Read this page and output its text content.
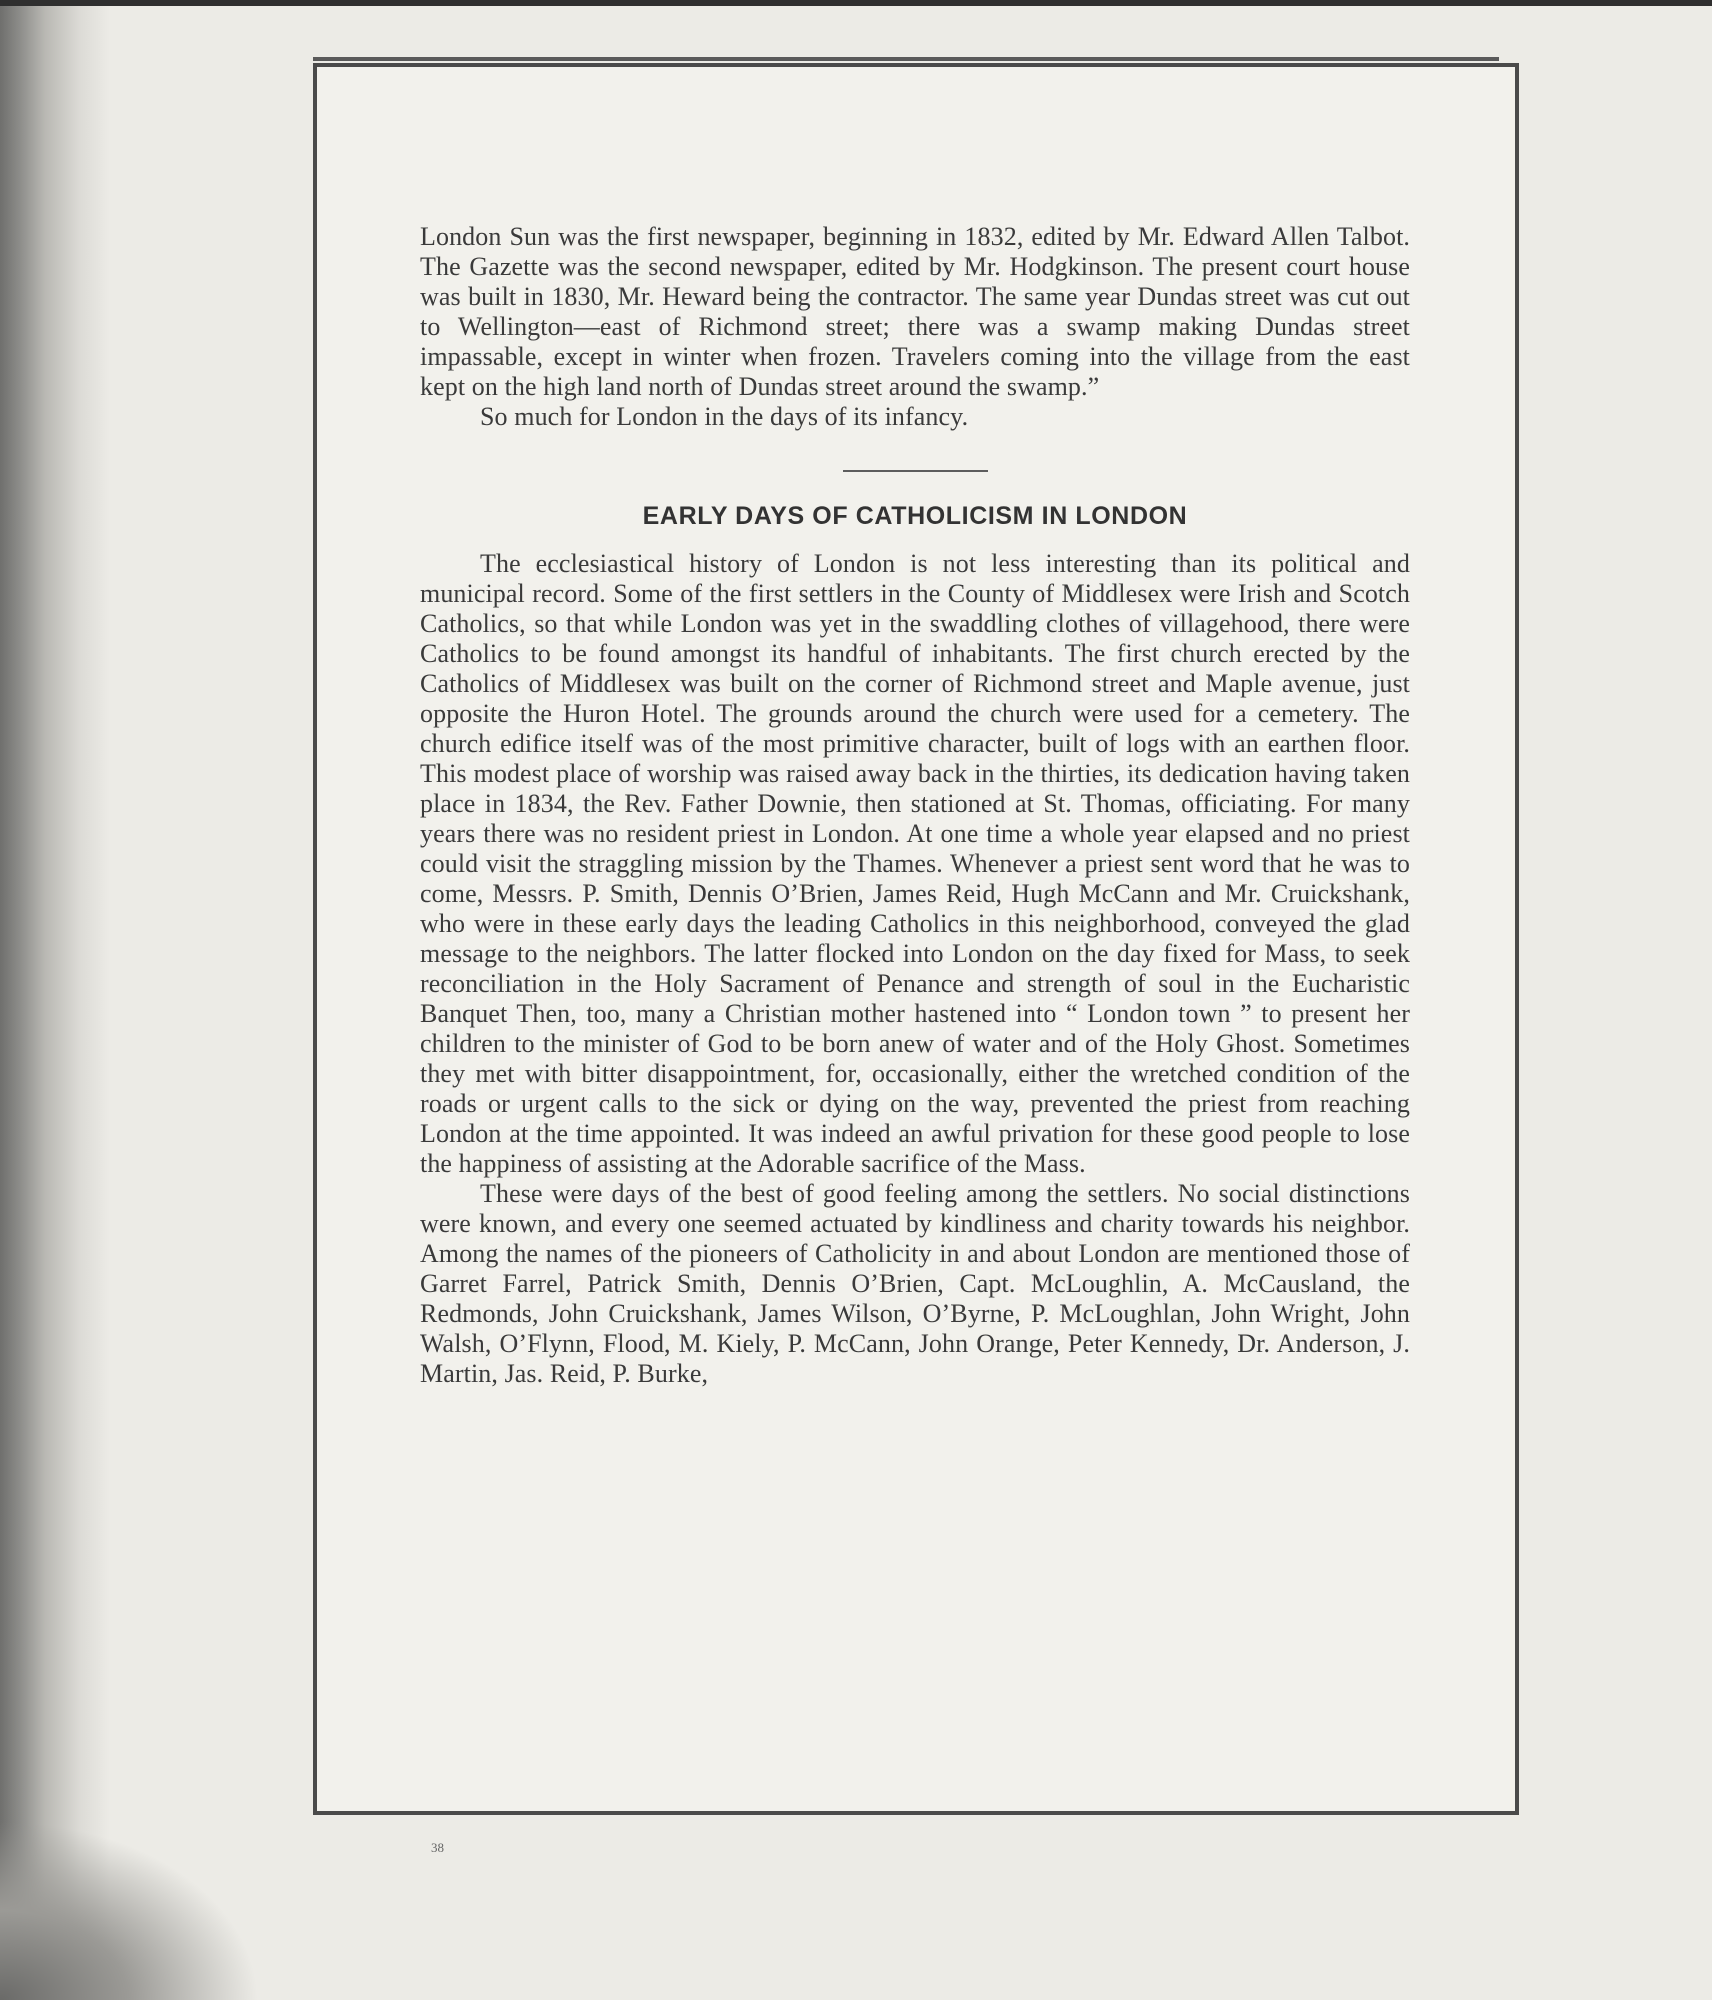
London Sun was the first newspaper, beginning in 1832, edited by Mr. Edward Allen Talbot. The Gazette was the second newspaper, edited by Mr. Hodgkinson. The present court house was built in 1830, Mr. Heward being the contractor. The same year Dundas street was cut out to Wellington—east of Richmond street; there was a swamp making Dundas street impassable, except in winter when frozen. Travelers coming into the village from the east kept on the high land north of Dundas street around the swamp.”

So much for London in the days of its infancy.

EARLY DAYS OF CATHOLICISM IN LONDON

The ecclesiastical history of London is not less interesting than its political and municipal record. Some of the first settlers in the County of Middlesex were Irish and Scotch Catholics, so that while London was yet in the swaddling clothes of villagehood, there were Catholics to be found amongst its handful of inhabitants. The first church erected by the Catholics of Middlesex was built on the corner of Richmond street and Maple avenue, just opposite the Huron Hotel. The grounds around the church were used for a cemetery. The church edifice itself was of the most primitive character, built of logs with an earthen floor. This modest place of worship was raised away back in the thirties, its dedication having taken place in 1834, the Rev. Father Downie, then stationed at St. Thomas, officiating. For many years there was no resident priest in London. At one time a whole year elapsed and no priest could visit the straggling mission by the Thames. Whenever a priest sent word that he was to come, Messrs. P. Smith, Dennis O’Brien, James Reid, Hugh McCann and Mr. Cruickshank, who were in these early days the leading Catholics in this neighborhood, conveyed the glad message to the neighbors. The latter flocked into London on the day fixed for Mass, to seek reconciliation in the Holy Sacrament of Penance and strength of soul in the Eucharistic Banquet Then, too, many a Christian mother hastened into “ London town ” to present her children to the minister of God to be born anew of water and of the Holy Ghost. Sometimes they met with bitter disappointment, for, occasionally, either the wretched condition of the roads or urgent calls to the sick or dying on the way, prevented the priest from reaching London at the time appointed. It was indeed an awful privation for these good people to lose the happiness of assisting at the Adorable sacrifice of the Mass.

These were days of the best of good feeling among the settlers. No social distinctions were known, and every one seemed actuated by kindliness and charity towards his neighbor. Among the names of the pioneers of Catholicity in and about London are mentioned those of Garret Farrel, Patrick Smith, Dennis O’Brien, Capt. McLoughlin, A. McCausland, the Redmonds, John Cruickshank, James Wilson, O’Byrne, P. McLoughlan, John Wright, John Walsh, O’Flynn, Flood, M. Kiely, P. McCann, John Orange, Peter Kennedy, Dr. Anderson, J. Martin, Jas. Reid, P. Burke,

38
